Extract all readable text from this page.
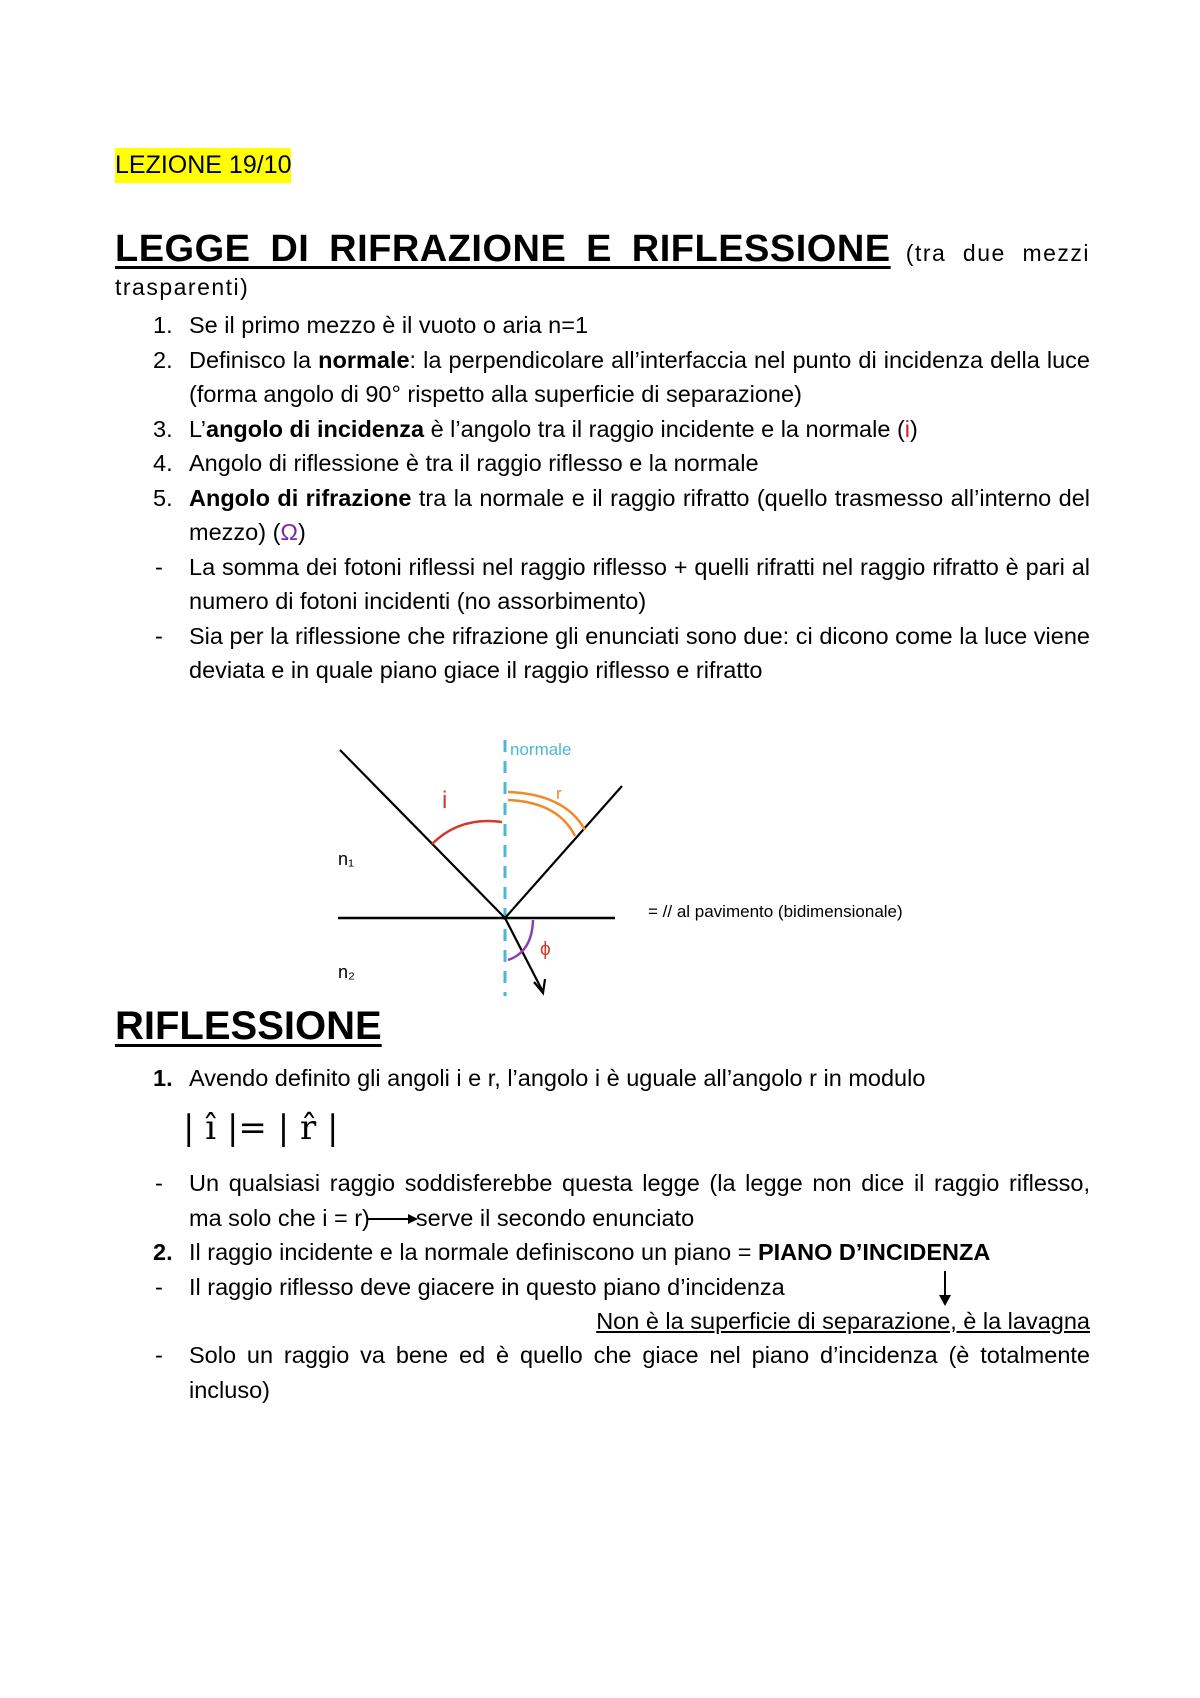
LEZIONE 19/10
LEGGE DI RIFRAZIONE E RIFLESSIONE (tra due mezzi trasparenti)
1. Se il primo mezzo è il vuoto o aria n=1
2. Definisco la normale: la perpendicolare all’interfaccia nel punto di incidenza della luce (forma angolo di 90° rispetto alla superficie di separazione)
3. L’angolo di incidenza è l’angolo tra il raggio incidente e la normale (i)
4. Angolo di riflessione è tra il raggio riflesso e la normale
5. Angolo di rifrazione tra la normale e il raggio rifratto (quello trasmesso all’interno del mezzo) (Ω)
- La somma dei fotoni riflessi nel raggio riflesso + quelli rifratti nel raggio rifratto è pari al numero di fotoni incidenti (no assorbimento)
- Sia per la riflessione che rifrazione gli enunciati sono due: ci dicono come la luce viene deviata e in quale piano giace il raggio riflesso e rifratto
normale
= // al pavimento (bidimensionale)
i	r
ϕ
n₁
n₂
RIFLESSIONE
1. Avendo definito gli angoli i e r, l’angolo i è uguale all’angolo r in modulo
| î |= | r̂ |
- Un qualsiasi raggio soddisferebbe questa legge (la legge non dice il raggio riflesso, ma solo che i = r) serve il secondo enunciato
2. Il raggio incidente e la normale definiscono un piano = PIANO D’INCIDENZA
- Il raggio riflesso deve giacere in questo piano d’incidenza
Non è la superficie di separazione, è la lavagna
- Solo un raggio va bene ed è quello che giace nel piano d’incidenza (è totalmente incluso)
